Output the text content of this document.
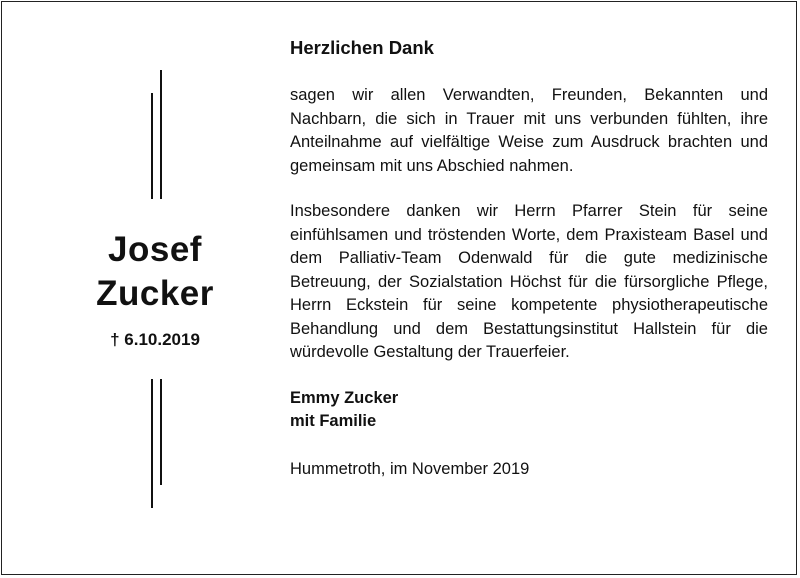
Josef
Zucker
† 6.10.2019
Herzlichen Dank

sagen wir allen Verwandten, Freunden, Bekannten und Nachbarn, die sich in Trauer mit uns verbunden fühlten, ihre Anteilnahme auf vielfältige Weise zum Ausdruck brachten und gemeinsam mit uns Abschied nahmen.

Insbesondere danken wir Herrn Pfarrer Stein für seine einfühlsamen und tröstenden Worte, dem Praxisteam Basel und dem Palliativ-Team Odenwald für die gute medizinische Betreuung, der Sozialstation Höchst für die fürsorgliche Pflege, Herrn Eckstein für seine kompetente physiotherapeutische Behandlung und dem Bestattungsinstitut Hallstein für die würdevolle Gestaltung der Trauerfeier.

Emmy Zucker

mit Familie

Hummetroth, im November 2019
